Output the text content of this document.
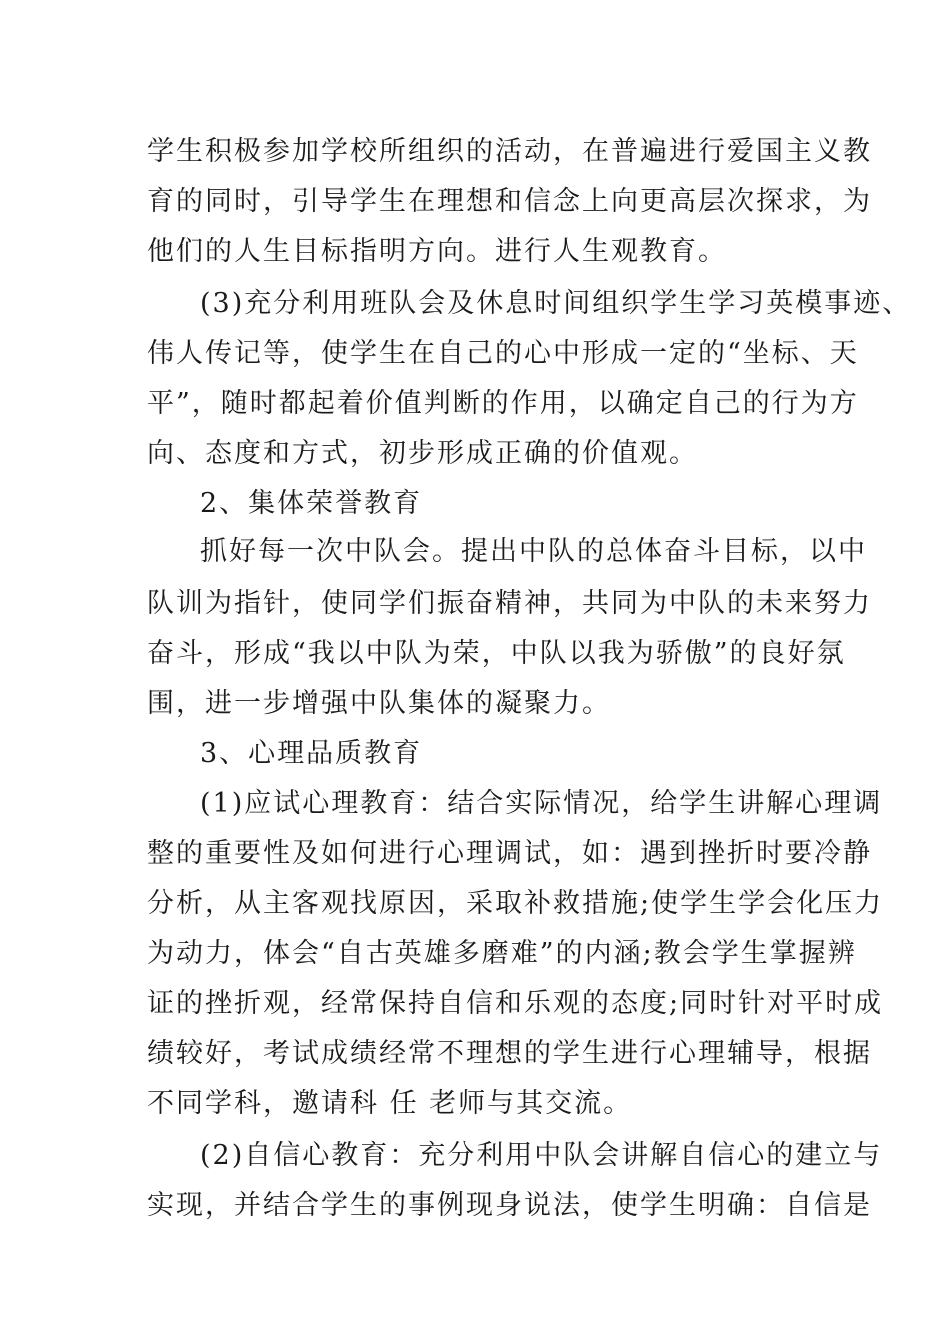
学生积极参加学校所组织的活动，在普遍进行爱国主义教
育的同时，引导学生在理想和信念上向更高层次探求，为
他们的人生目标指明方向。进行人生观教育。
(3)充分利用班队会及休息时间组织学生学习英模事迹、
伟人传记等，使学生在自己的心中形成一定的“坐标、天
平”，随时都起着价值判断的作用，以确定自己的行为方
向、态度和方式，初步形成正确的价值观。
2、集体荣誉教育
抓好每一次中队会。提出中队的总体奋斗目标，以中
队训为指针，使同学们振奋精神，共同为中队的未来努力
奋斗，形成“我以中队为荣，中队以我为骄傲”的良好氛
围，进一步增强中队集体的凝聚力。
3、心理品质教育
(1)应试心理教育：结合实际情况，给学生讲解心理调
整的重要性及如何进行心理调试，如：遇到挫折时要冷静
分析，从主客观找原因，采取补救措施;使学生学会化压力
为动力，体会“自古英雄多磨难”的内涵;教会学生掌握辨
证的挫折观，经常保持自信和乐观的态度;同时针对平时成
绩较好，考试成绩经常不理想的学生进行心理辅导，根据
不同学科，邀请科 任 老师与其交流。
(2)自信心教育：充分利用中队会讲解自信心的建立与
实现，并结合学生的事例现身说法，使学生明确：自信是
